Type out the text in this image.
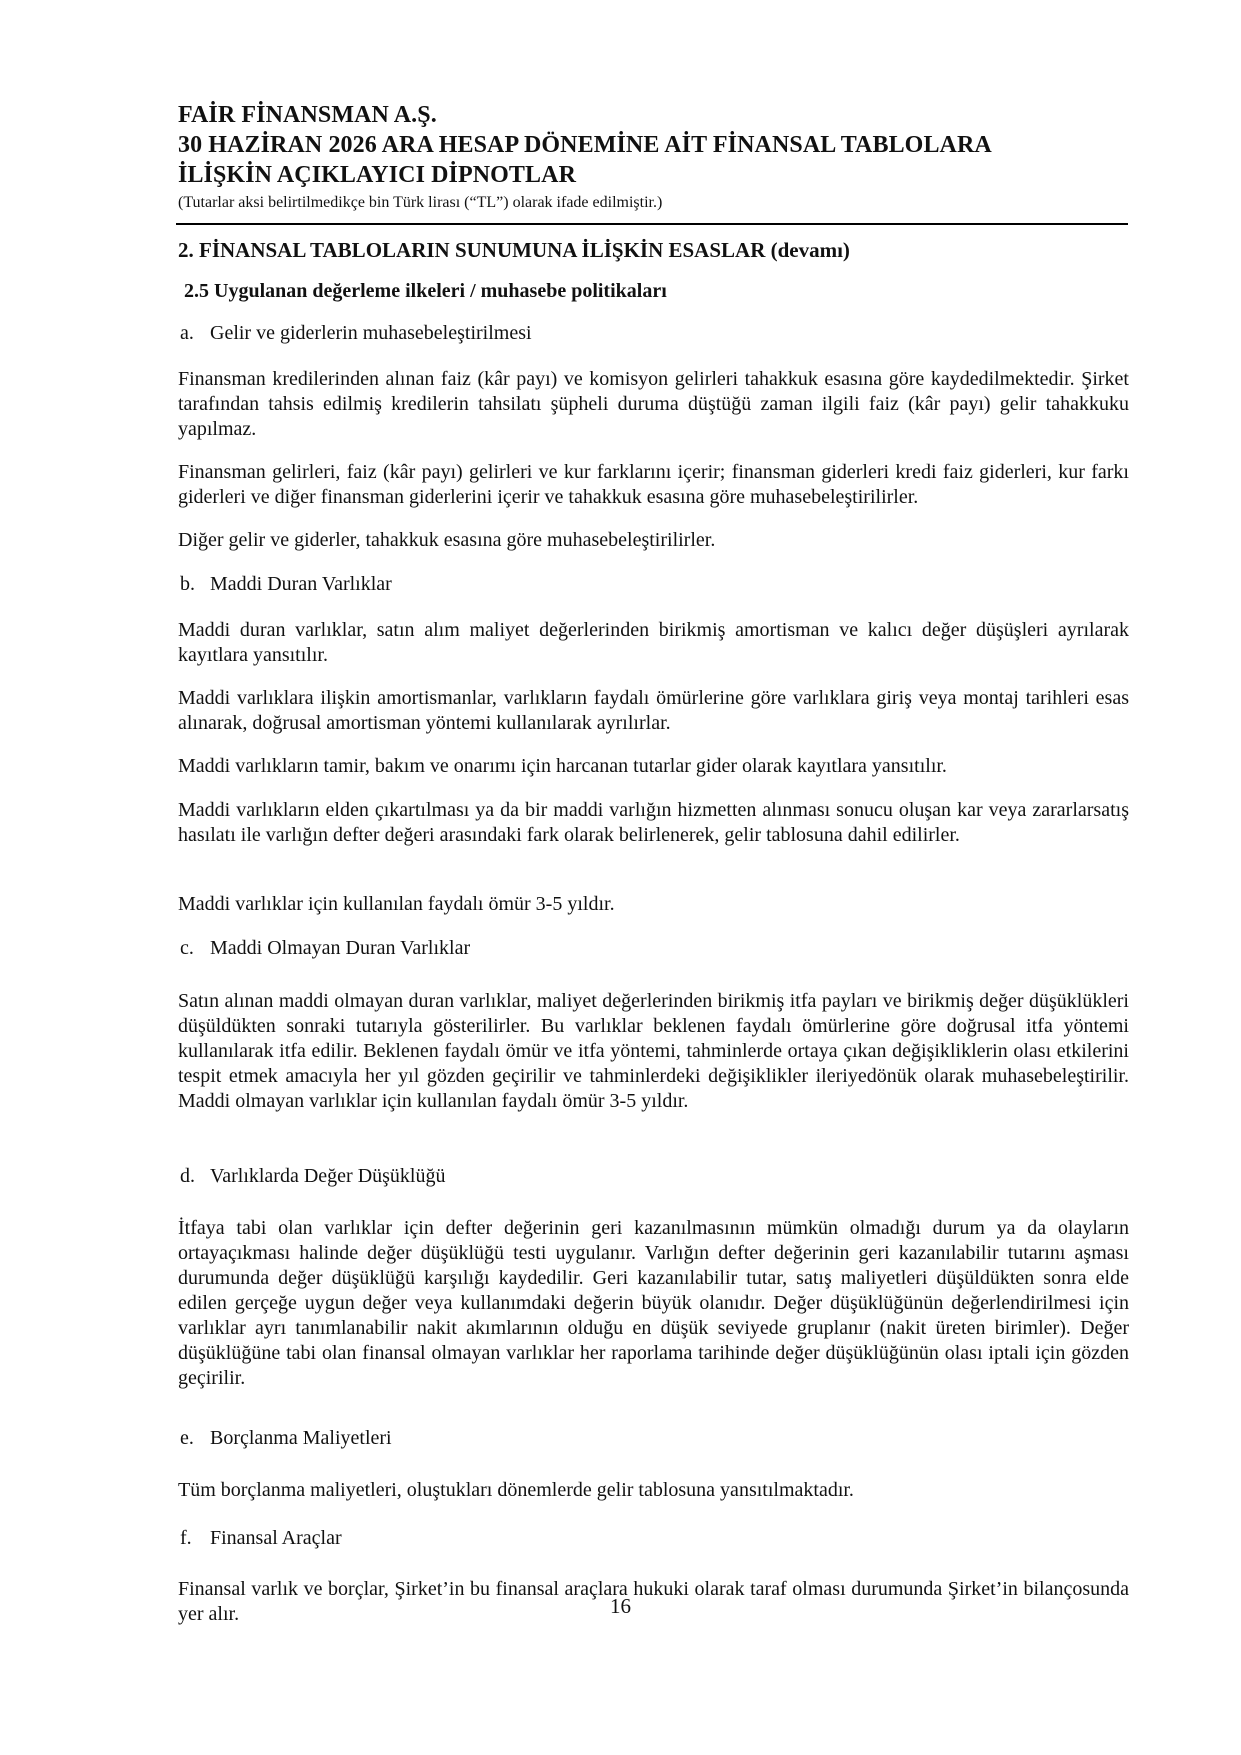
FAİR FİNANSMAN A.Ş.
30 HAZİRAN 2026 ARA HESAP DÖNEMİNE AİT FİNANSAL TABLOLARA
İLİŞKİN AÇIKLAYICI DİPNOTLAR
(Tutarlar aksi belirtilmedikçe bin Türk lirası (“TL”) olarak ifade edilmiştir.)
2. FİNANSAL TABLOLARIN SUNUMUNA İLİŞKİN ESASLAR (devamı)
2.5 Uygulanan değerleme ilkeleri / muhasebe politikaları
a. Gelir ve giderlerin muhasebeleştirilmesi
Finansman kredilerinden alınan faiz (kâr payı) ve komisyon gelirleri tahakkuk esasına göre kaydedilmektedir. Şirket tarafından tahsis edilmiş kredilerin tahsilatı şüpheli duruma düştüğü zaman ilgili faiz (kâr payı) gelir tahakkuku yapılmaz.
Finansman gelirleri, faiz (kâr payı) gelirleri ve kur farklarını içerir; finansman giderleri kredi faiz giderleri, kur farkı giderleri ve diğer finansman giderlerini içerir ve tahakkuk esasına göre muhasebeleştirilirler.
Diğer gelir ve giderler, tahakkuk esasına göre muhasebeleştirilirler.
b. Maddi Duran Varlıklar
Maddi duran varlıklar, satın alım maliyet değerlerinden birikmiş amortisman ve kalıcı değer düşüşleri ayrılarak kayıtlara yansıtılır.
Maddi varlıklara ilişkin amortismanlar, varlıkların faydalı ömürlerine göre varlıklara giriş veya montaj tarihleri esas alınarak, doğrusal amortisman yöntemi kullanılarak ayrılırlar.
Maddi varlıkların tamir, bakım ve onarımı için harcanan tutarlar gider olarak kayıtlara yansıtılır.
Maddi varlıkların elden çıkartılması ya da bir maddi varlığın hizmetten alınması sonucu oluşan kar veya zararlarsatış hasılatı ile varlığın defter değeri arasındaki fark olarak belirlenerek, gelir tablosuna dahil edilirler.
Maddi varlıklar için kullanılan faydalı ömür 3-5 yıldır.
c. Maddi Olmayan Duran Varlıklar
Satın alınan maddi olmayan duran varlıklar, maliyet değerlerinden birikmiş itfa payları ve birikmiş değer düşüklükleri düşüldükten sonraki tutarıyla gösterilirler. Bu varlıklar beklenen faydalı ömürlerine göre doğrusal itfa yöntemi kullanılarak itfa edilir. Beklenen faydalı ömür ve itfa yöntemi, tahminlerde ortaya çıkan değişikliklerin olası etkilerini tespit etmek amacıyla her yıl gözden geçirilir ve tahminlerdeki değişiklikler ileriyedönük olarak muhasebeleştirilir. Maddi olmayan varlıklar için kullanılan faydalı ömür 3-5 yıldır.
d. Varlıklarda Değer Düşüklüğü
İtfaya tabi olan varlıklar için defter değerinin geri kazanılmasının mümkün olmadığı durum ya da olayların ortayaçıkması halinde değer düşüklüğü testi uygulanır. Varlığın defter değerinin geri kazanılabilir tutarını aşması durumunda değer düşüklüğü karşılığı kaydedilir. Geri kazanılabilir tutar, satış maliyetleri düşüldükten sonra elde edilen gerçeğe uygun değer veya kullanımdaki değerin büyük olanıdır. Değer düşüklüğünün değerlendirilmesi için varlıklar ayrı tanımlanabilir nakit akımlarının olduğu en düşük seviyede gruplanır (nakit üreten birimler). Değer düşüklüğüne tabi olan finansal olmayan varlıklar her raporlama tarihinde değer düşüklüğünün olası iptali için gözden geçirilir.
e. Borçlanma Maliyetleri
Tüm borçlanma maliyetleri, oluştukları dönemlerde gelir tablosuna yansıtılmaktadır.
f. Finansal Araçlar
Finansal varlık ve borçlar, Şirket’in bu finansal araçlara hukuki olarak taraf olması durumunda Şirket’in bilançosunda yer alır.	16
